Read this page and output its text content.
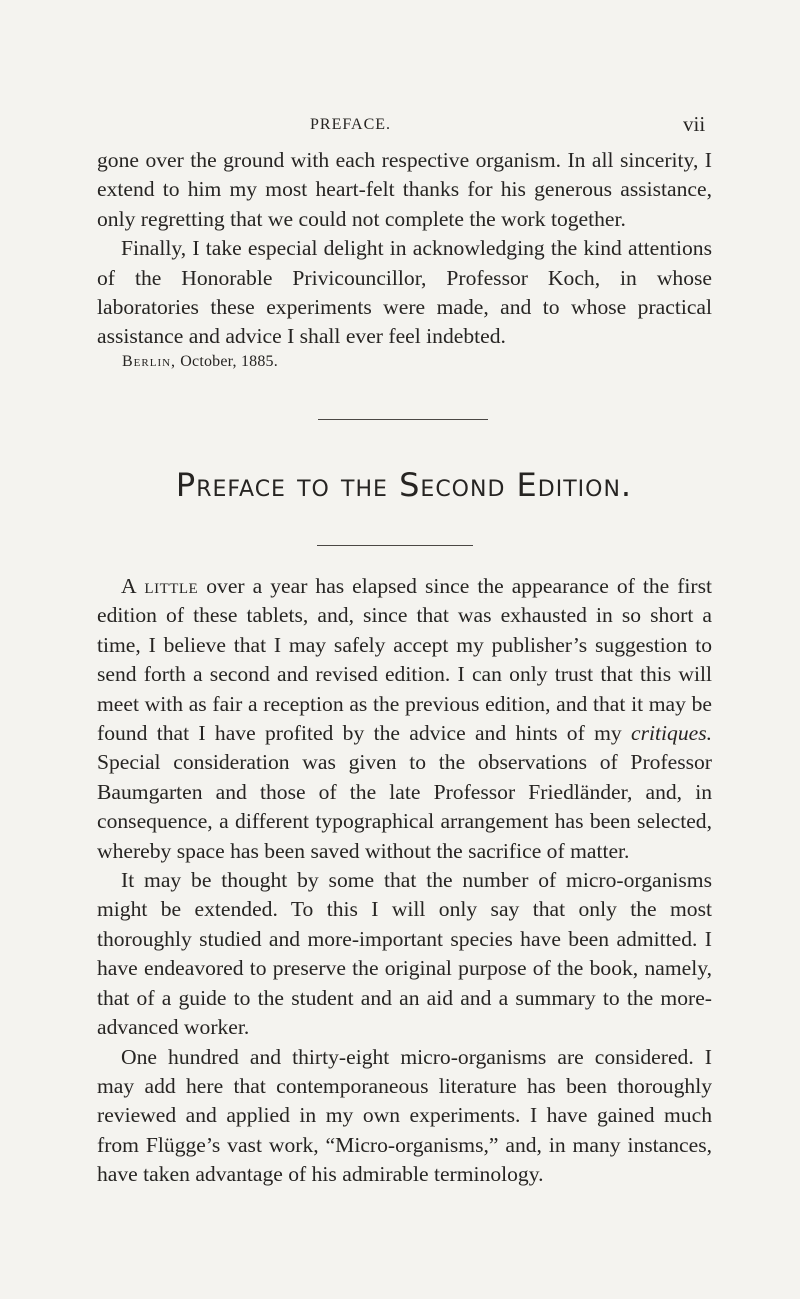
PREFACE.	vii

gone over the ground with each respective organism. In all sincerity, I extend to him my most heart-felt thanks for his generous assistance, only regretting that we could not complete the work together.

Finally, I take especial delight in acknowledging the kind attentions of the Honorable Privicouncillor, Professor Koch, in whose laboratories these experiments were made, and to whose practical assistance and advice I shall ever feel indebted.

Berlin, October, 1885.
Preface to the Second Edition.

A little over a year has elapsed since the appearance of the first edition of these tablets, and, since that was exhausted in so short a time, I believe that I may safely accept my publisher’s suggestion to send forth a second and revised edition. I can only trust that this will meet with as fair a reception as the previous edition, and that it may be found that I have profited by the advice and hints of my critiques. Special consideration was given to the observations of Professor Baumgarten and those of the late Professor Friedländer, and, in consequence, a different typographical arrangement has been selected, whereby space has been saved without the sacrifice of matter.

It may be thought by some that the number of micro-organisms might be extended. To this I will only say that only the most thoroughly studied and more-important species have been admitted. I have endeavored to preserve the original purpose of the book, namely, that of a guide to the student and an aid and a summary to the more-advanced worker.

One hundred and thirty-eight micro-organisms are considered. I may add here that contemporaneous literature has been thoroughly reviewed and applied in my own experiments. I have gained much from Flügge’s vast work, “Micro-organisms,” and, in many instances, have taken advantage of his admirable terminology.
